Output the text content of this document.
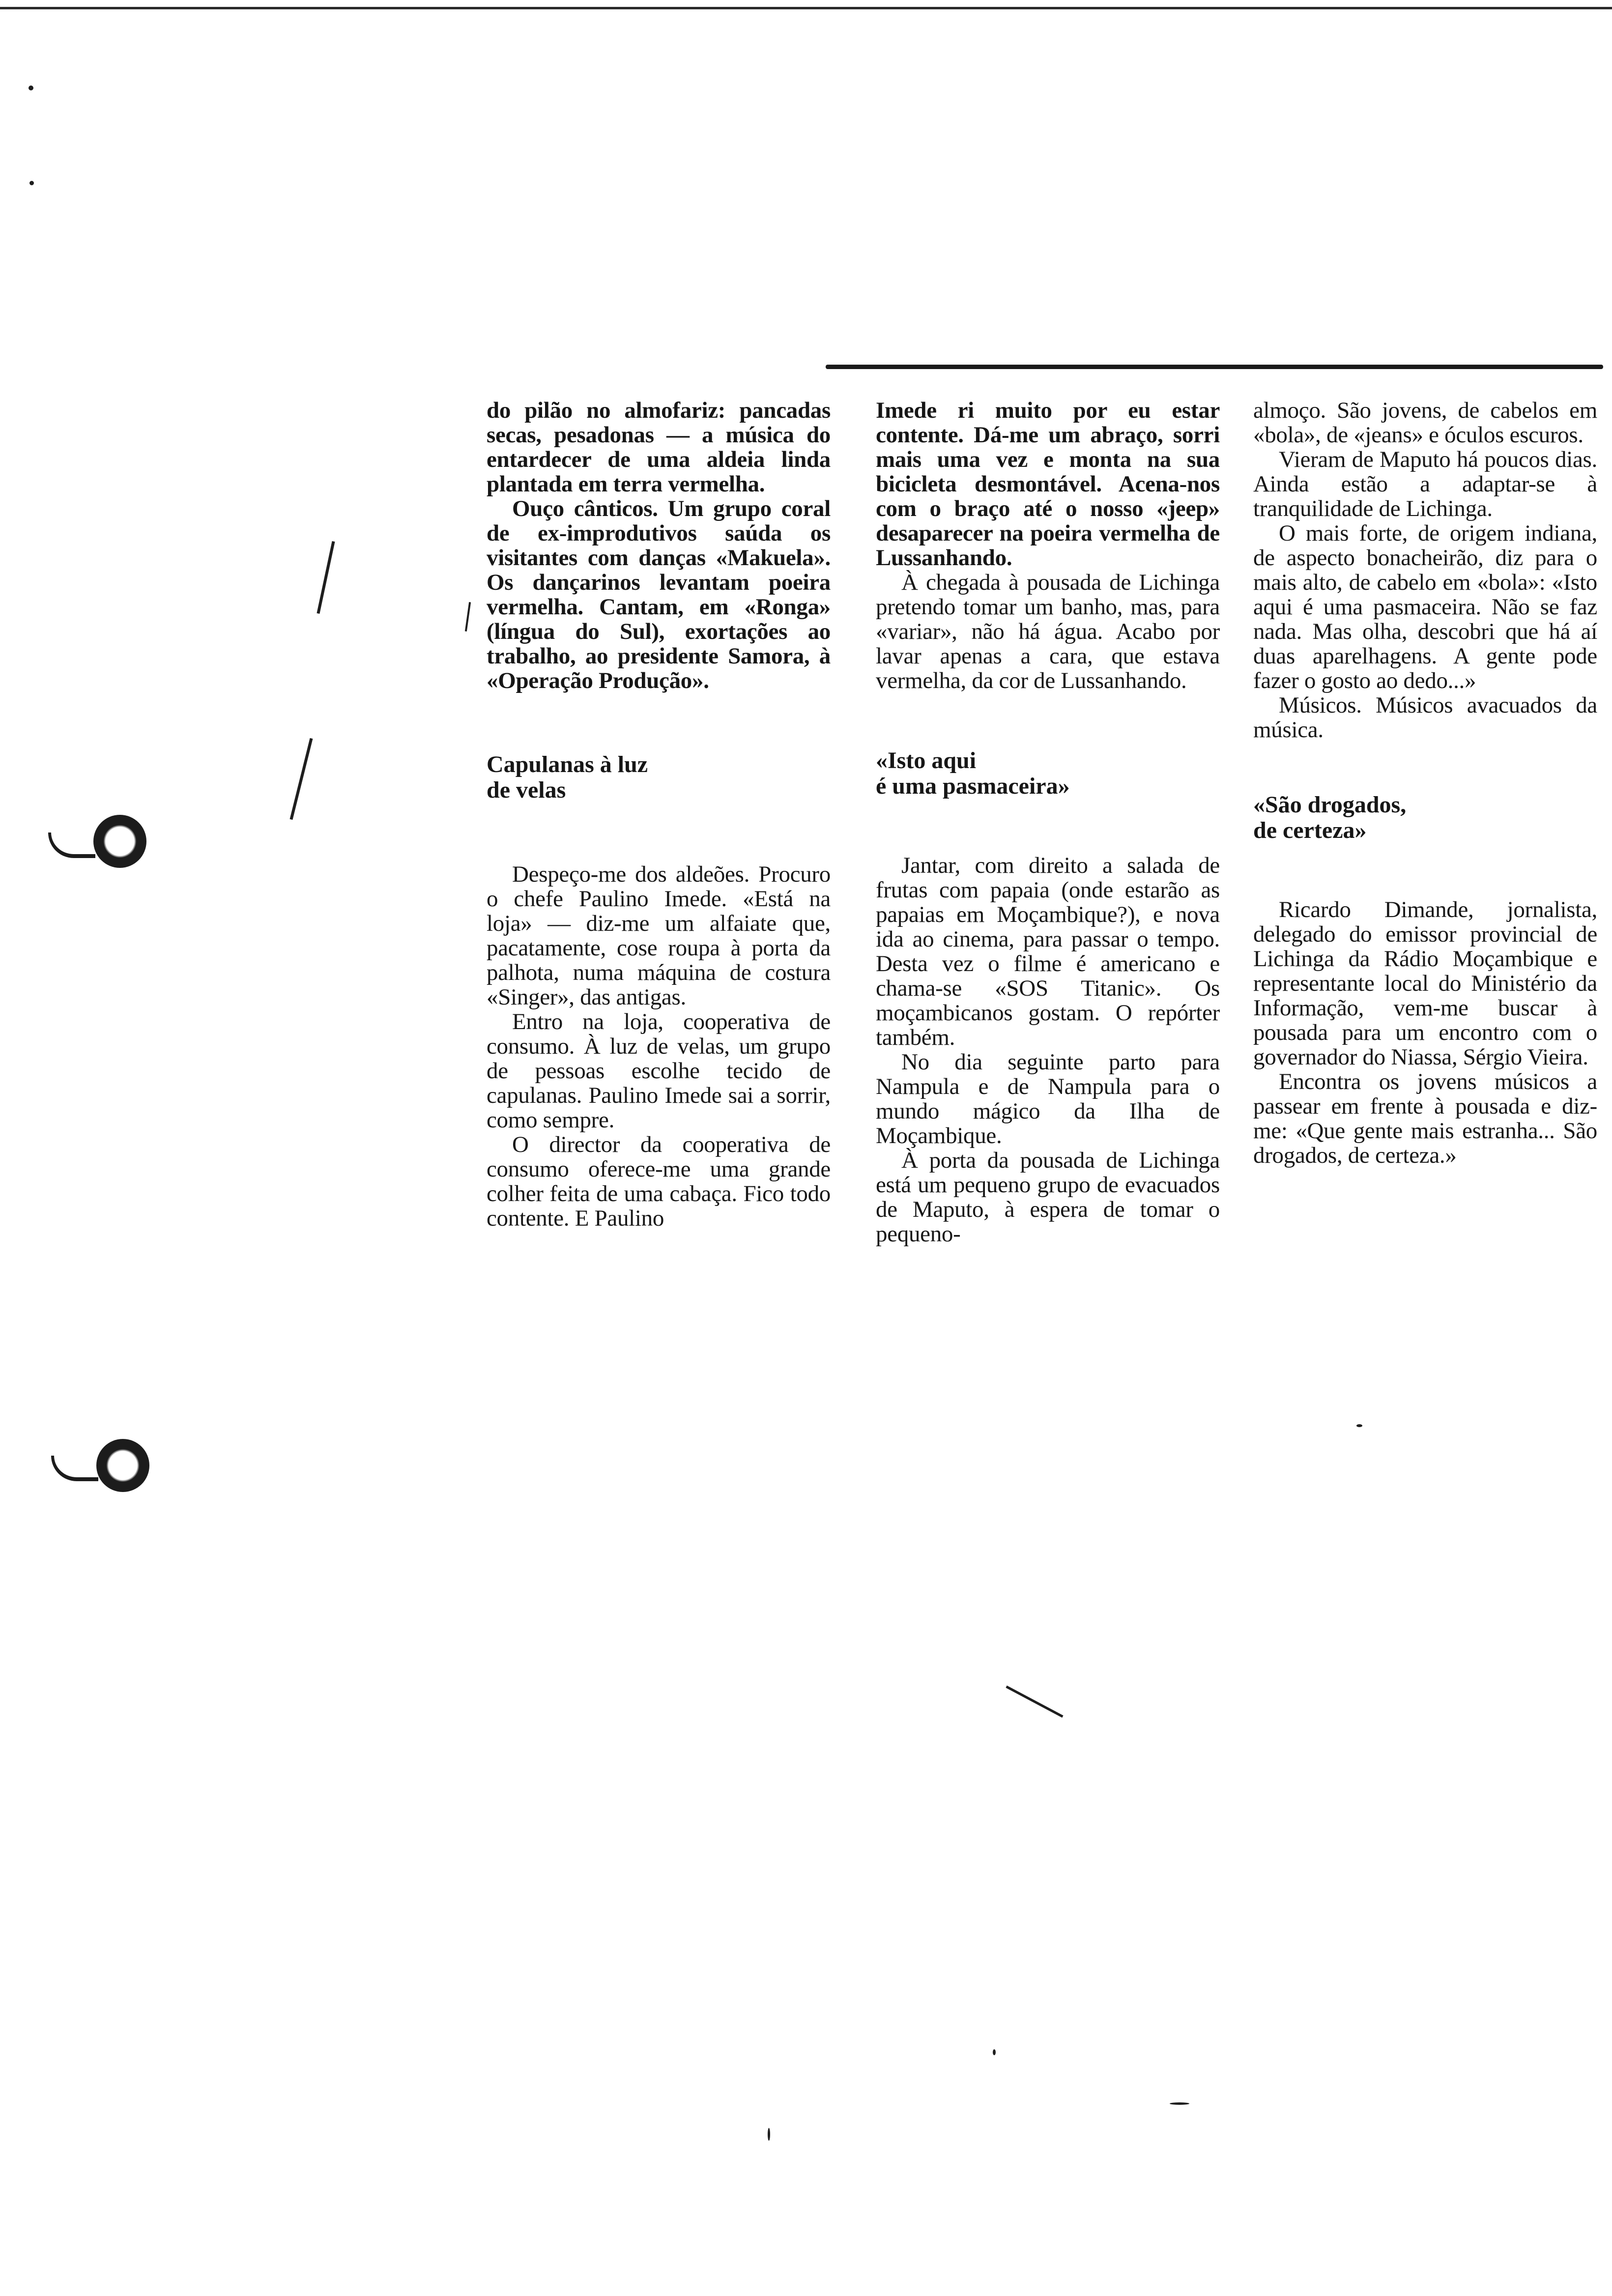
do pilão no almofariz: pancadas secas, pesadonas — a música do entardecer de uma aldeia linda plantada em terra vermelha.

Ouço cânticos. Um grupo coral de ex-improdutivos saúda os visitantes com danças «Makuela». Os dançarinos levantam poeira vermelha. Cantam, em «Ronga» (língua do Sul), exortações ao trabalho, ao presidente Samora, à «Operação Produção».

Capulanas à luz
de velas

Despeço-me dos aldeões. Procuro o chefe Paulino Imede. «Está na loja» — diz-me um alfaiate que, pacatamente, cose roupa à porta da palhota, numa máquina de costura «Singer», das antigas.

Entro na loja, cooperativa de consumo. À luz de velas, um grupo de pessoas escolhe tecido de capulanas. Paulino Imede sai a sorrir, como sempre.

O director da cooperativa de consumo oferece-me uma grande colher feita de uma cabaça. Fico todo contente. E Paulino

Imede ri muito por eu estar contente. Dá-me um abraço, sorri mais uma vez e monta na sua bicicleta desmontável. Acena-nos com o braço até o nosso «jeep» desaparecer na poeira vermelha de Lussanhando.

À chegada à pousada de Lichinga pretendo tomar um banho, mas, para «variar», não há água. Acabo por lavar apenas a cara, que estava vermelha, da cor de Lussanhando.

«Isto aqui
é uma pasmaceira»

Jantar, com direito a salada de frutas com papaia (onde estarão as papaias em Moçambique?), e nova ida ao cinema, para passar o tempo. Desta vez o filme é americano e chama-se «SOS Titanic». Os moçambicanos gostam. O repórter também.

No dia seguinte parto para Nampula e de Nampula para o mundo mágico da Ilha de Moçambique.

À porta da pousada de Lichinga está um pequeno grupo de evacuados de Maputo, à espera de tomar o pequeno-

almoço. São jovens, de cabelos em «bola», de «jeans» e óculos escuros.

Vieram de Maputo há poucos dias. Ainda estão a adaptar-se à tranquilidade de Lichinga.

O mais forte, de origem indiana, de aspecto bonacheirão, diz para o mais alto, de cabelo em «bola»: «Isto aqui é uma pasmaceira. Não se faz nada. Mas olha, descobri que há aí duas aparelhagens. A gente pode fazer o gosto ao dedo...»

Músicos. Músicos avacuados da música.

«São drogados,
de certeza»

Ricardo Dimande, jornalista, delegado do emissor provincial de Lichinga da Rádio Moçambique e representante local do Ministério da Informação, vem-me buscar à pousada para um encontro com o governador do Niassa, Sérgio Vieira.

Encontra os jovens músicos a passear em frente à pousada e diz-me: «Que gente mais estranha... São drogados, de certeza.»
